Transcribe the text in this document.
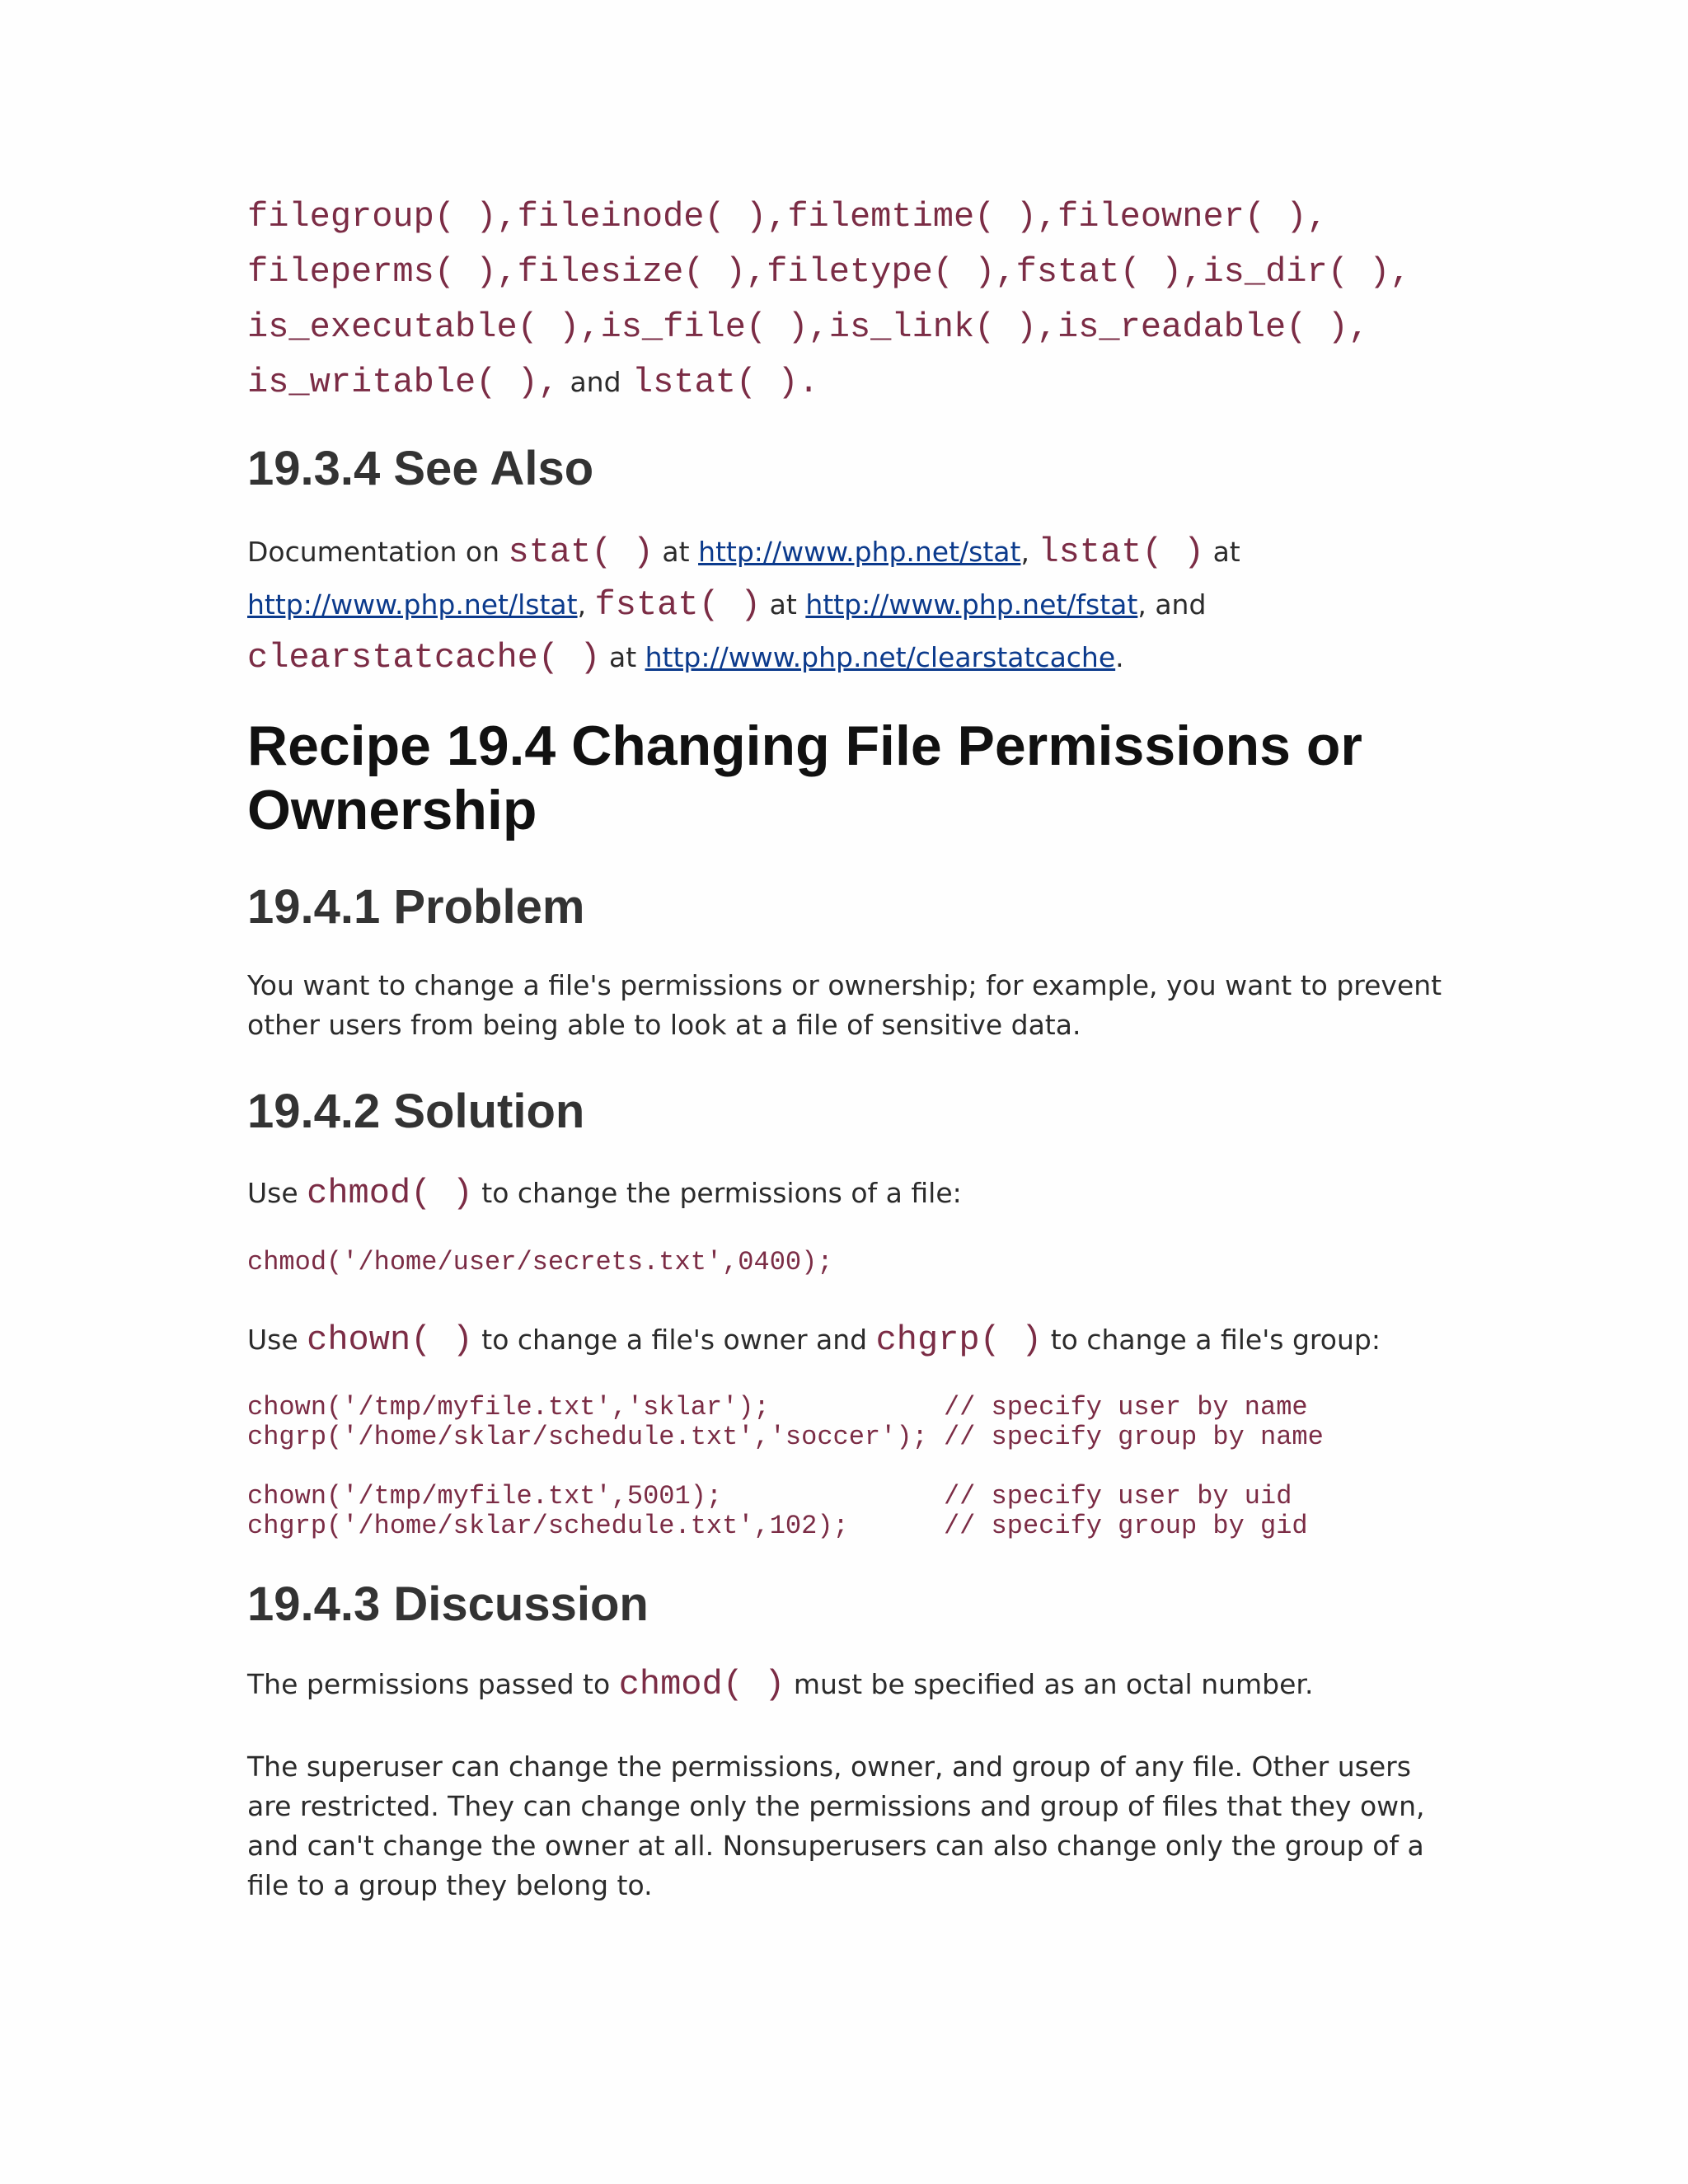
filegroup( ),fileinode( ),filemtime( ),fileowner( ),
fileperms( ),filesize( ),filetype( ),fstat( ),is_dir( ),
is_executable( ),is_file( ),is_link( ),is_readable( ),
is_writable( ), and lstat( ).

19.3.4 See Also

Documentation on stat( ) at http://www.php.net/stat, lstat( ) at
http://www.php.net/lstat, fstat( ) at http://www.php.net/fstat, and
clearstatcache( ) at http://www.php.net/clearstatcache.

Recipe 19.4 Changing File Permissions or Ownership
19.4.1 Problem

You want to change a file's permissions or ownership; for example, you want to prevent other users from being able to look at a file of sensitive data.

19.4.2 Solution

Use chmod( ) to change the permissions of a file:

chmod('/home/user/secrets.txt',0400);

Use chown( ) to change a file's owner and chgrp( ) to change a file's group:

chown('/tmp/myfile.txt','sklar');           // specify user by name
chgrp('/home/sklar/schedule.txt','soccer'); // specify group by name

chown('/tmp/myfile.txt',5001);              // specify user by uid
chgrp('/home/sklar/schedule.txt',102);      // specify group by gid
19.4.3 Discussion

The permissions passed to chmod( ) must be specified as an octal number.

The superuser can change the permissions, owner, and group of any file. Other users are restricted. They can change only the permissions and group of files that they own, and can't change the owner at all. Nonsuperusers can also change only the group of a file to a group they belong to.
